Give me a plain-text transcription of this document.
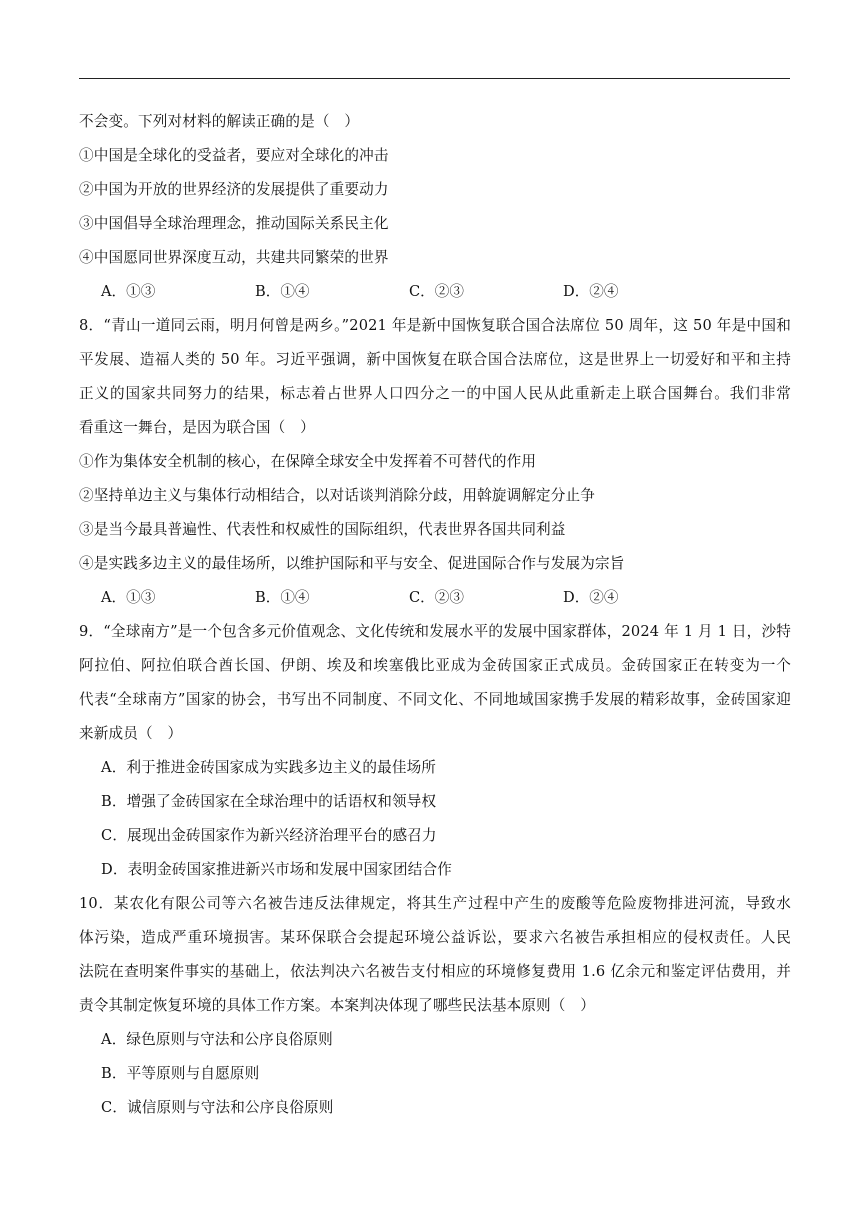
不会变。下列对材料的解读正确的是（　）
①中国是全球化的受益者，要应对全球化的冲击
②中国为开放的世界经济的发展提供了重要动力
③中国倡导全球治理理念，推动国际关系民主化
④中国愿同世界深度互动，共建共同繁荣的世界
A．①③	B．①④	C．②③	D．②④
8．“青山一道同云雨，明月何曾是两乡。”2021 年是新中国恢复联合国合法席位 50 周年，这 50 年是中国和
平发展、造福人类的 50 年。习近平强调，新中国恢复在联合国合法席位，这是世界上一切爱好和平和主持
正义的国家共同努力的结果，标志着占世界人口四分之一的中国人民从此重新走上联合国舞台。我们非常
看重这一舞台，是因为联合国（　）
①作为集体安全机制的核心，在保障全球安全中发挥着不可替代的作用
②坚持单边主义与集体行动相结合，以对话谈判消除分歧，用斡旋调解定分止争
③是当今最具普遍性、代表性和权威性的国际组织，代表世界各国共同利益
④是实践多边主义的最佳场所，以维护国际和平与安全、促进国际合作与发展为宗旨
A．①③	B．①④	C．②③	D．②④
9．“全球南方”是一个包含多元价值观念、文化传统和发展水平的发展中国家群体，2024 年 1 月 1 日，沙特
阿拉伯、阿拉伯联合酋长国、伊朗、埃及和埃塞俄比亚成为金砖国家正式成员。金砖国家正在转变为一个
代表“全球南方”国家的协会，书写出不同制度、不同文化、不同地域国家携手发展的精彩故事，金砖国家迎
来新成员（　）
A．利于推进金砖国家成为实践多边主义的最佳场所
B．增强了金砖国家在全球治理中的话语权和领导权
C．展现出金砖国家作为新兴经济治理平台的感召力
D．表明金砖国家推进新兴市场和发展中国家团结合作
10．某农化有限公司等六名被告违反法律规定，将其生产过程中产生的废酸等危险废物排进河流，导致水
体污染，造成严重环境损害。某环保联合会提起环境公益诉讼，要求六名被告承担相应的侵权责任。人民
法院在查明案件事实的基础上，依法判决六名被告支付相应的环境修复费用 1.6 亿余元和鉴定评估费用，并
责令其制定恢复环境的具体工作方案。本案判决体现了哪些民法基本原则（　）
A．绿色原则与守法和公序良俗原则
B．平等原则与自愿原则
C．诚信原则与守法和公序良俗原则
